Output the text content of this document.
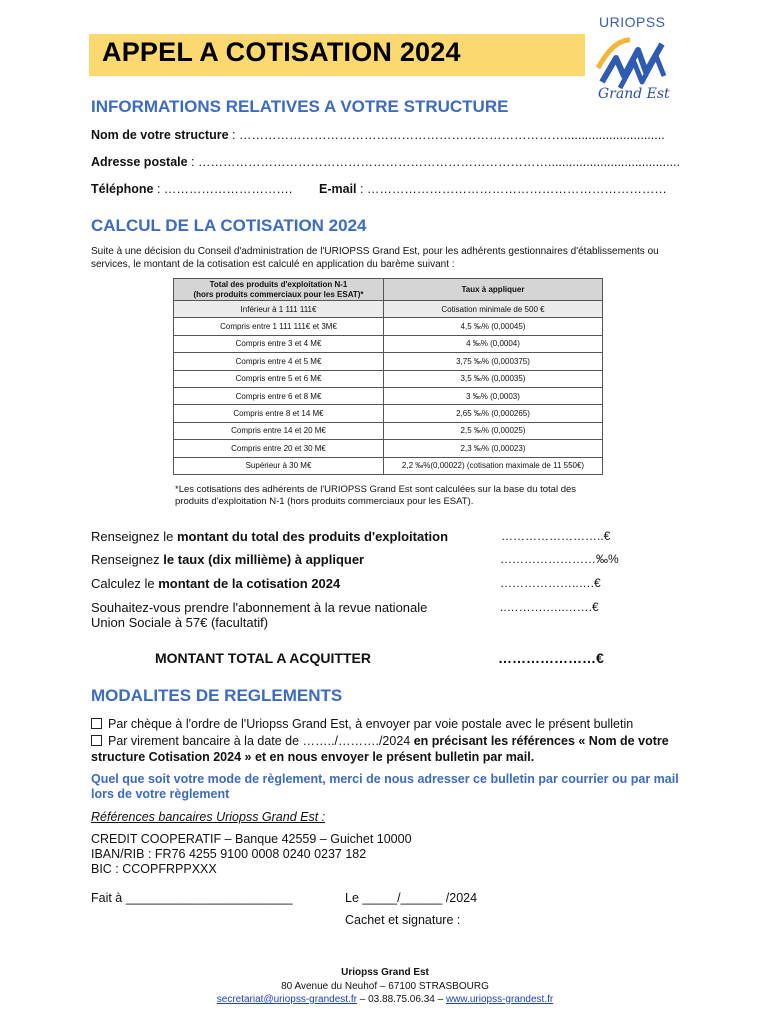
APPEL A COTISATION 2024
URIOPSS
Grand Est
INFORMATIONS RELATIVES A VOTRE STRUCTURE
Nom de votre structure : …………………………………………………………………….............................
Adresse postale : …………………………………………………………………………......................................
Téléphone : …………………………. E-mail : ………………………………………………………………
CALCUL DE LA COTISATION 2024
Suite à une décision du Conseil d'administration de l'URIOPSS Grand Est, pour les adhérents gestionnaires d'établissements ou services, le montant de la cotisation est calculé en application du barème suivant :
Total des produits d'exploitation N-1
(hors produits commerciaux pour les ESAT)*	Taux à appliquer
Inférieur à 1 111 111€	Cotisation minimale de 500 €
Compris entre 1 111 111€ et 3M€	4,5 ‰% (0,00045)
Compris entre 3 et 4 M€	4 ‰% (0,0004)
Compris entre 4 et 5 M€	3,75 ‰% (0,000375)
Compris entre 5 et 6 M€	3,5 ‰% (0,00035)
Compris entre 6 et 8 M€	3 ‰% (0,0003)
Compris entre 8 et 14 M€	2,65 ‰% (0,000265)
Compris entre 14 et 20 M€	2,5 ‰% (0,00025)
Compris entre 20 et 30 M€	2,3 ‰% (0,00023)
Supérieur à 30 M€	2,2 ‰%(0,00022) (cotisation maximale de 11 550€)
*Les cotisations des adhérents de l'URIOPSS Grand Est sont calculées sur la base du total des produits d'exploitation N-1 (hors produits commerciaux pour les ESAT).
Renseignez le montant du total des produits d'exploitation	……………………..€
Renseignez le taux (dix millième) à appliquer	……………………‰%
Calculez le montant de la cotisation 2024	………………..….€
Souhaitez-vous prendre l'abonnement à la revue nationale
Union Sociale à 57€ (facultatif)
..……….…..…….€
MONTANT TOTAL A ACQUITTER	…………………€
MODALITES DE REGLEMENTS
Par chèque à l'ordre de l'Uriopss Grand Est, à envoyer par voie postale avec le présent bulletin
Par virement bancaire à la date de ……../………./2024 en précisant les références « Nom de votre structure Cotisation 2024 » et en nous envoyer le présent bulletin par mail.
Quel que soit votre mode de règlement, merci de nous adresser ce bulletin par courrier ou par mail lors de votre règlement
Références bancaires Uriopss Grand Est :
CREDIT COOPERATIF – Banque 42559 – Guichet 10000
IBAN/RIB : FR76 4255 9100 0008 0240 0237 182
BIC : CCOPFRPPXXX
Fait à ________________________	Le _____/______ /2024
Cachet et signature :
Uriopss Grand Est
80 Avenue du Neuhof – 67100 STRASBOURG
secretariat@uriopss-grandest.fr – 03.88.75.06.34 – www.uriopss-grandest.fr
